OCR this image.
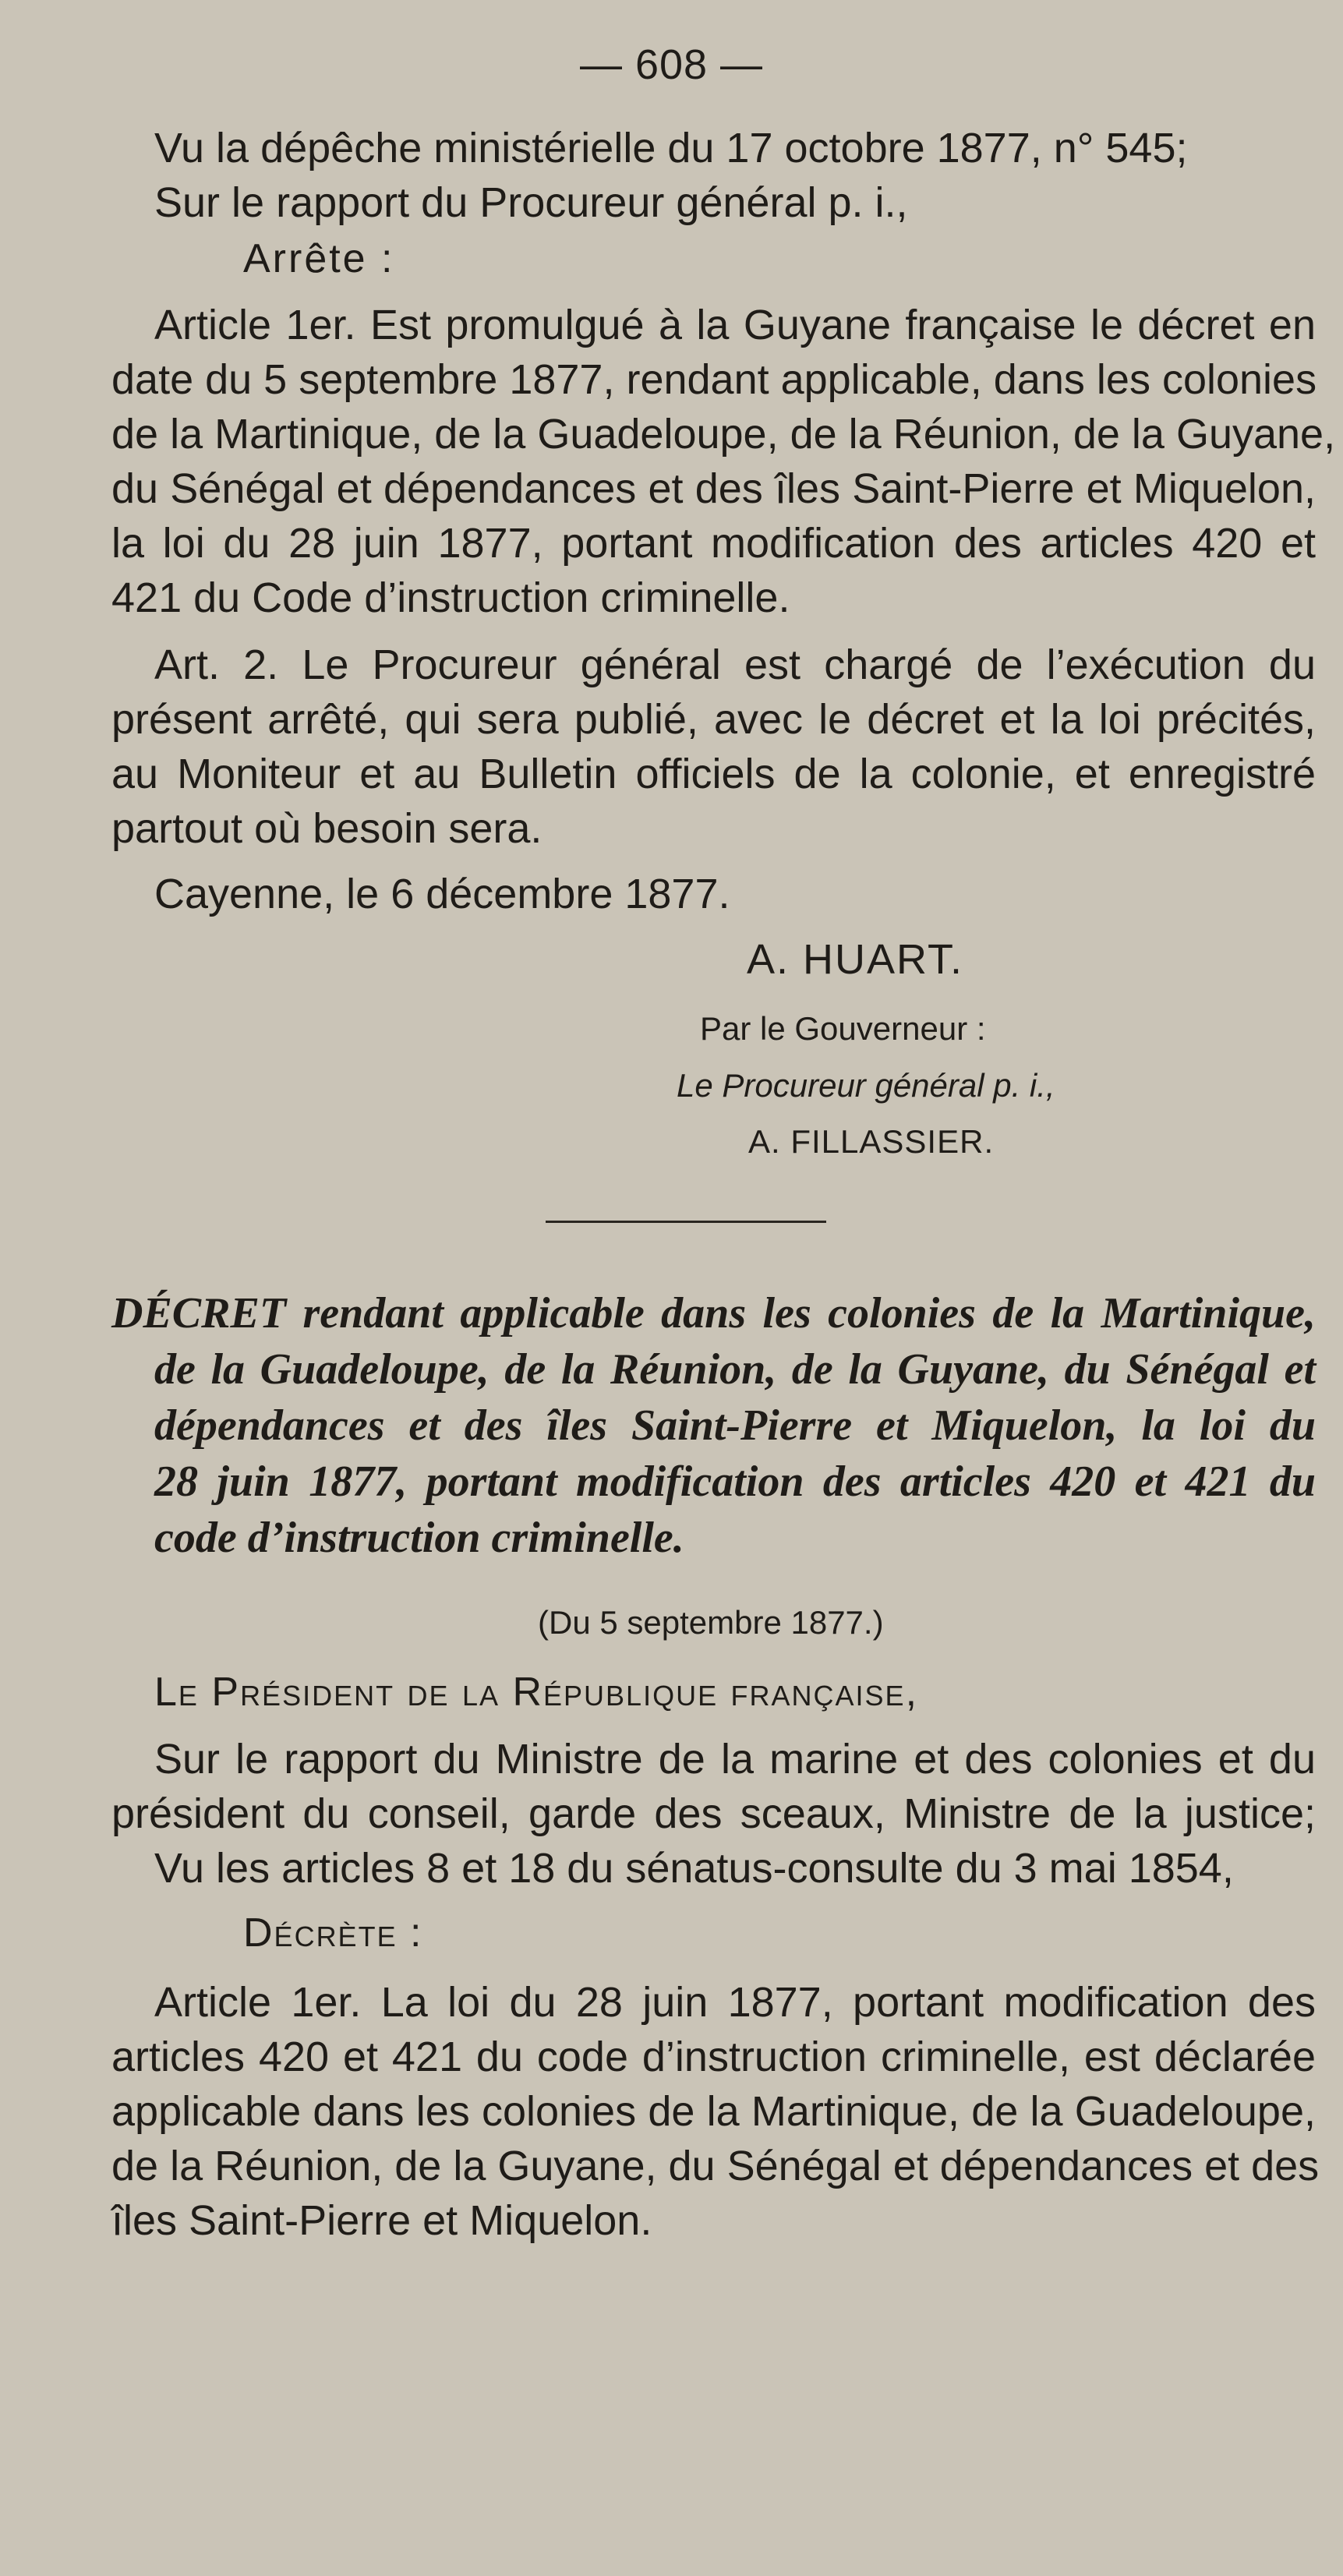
— 608 —
Vu la dépêche ministérielle du 17 octobre 1877, n° 545;
Sur le rapport du Procureur général p. i.,
Arrête :
Article 1er. Est promulgué à la Guyane française le décret en
date du 5 septembre 1877, rendant applicable, dans les colonies
de la Martinique, de la Guadeloupe, de la Réunion, de la Guyane,
du Sénégal et dépendances et des îles Saint-Pierre et Miquelon,
la loi du 28 juin 1877, portant modification des articles 420 et
421 du Code d’instruction criminelle.
Art. 2. Le Procureur général est chargé de l’exécution du
présent arrêté, qui sera publié, avec le décret et la loi précités,
au Moniteur et au Bulletin officiels de la colonie, et enregistré
partout où besoin sera.
Cayenne, le 6 décembre 1877.
A. HUART.
Par le Gouverneur :
Le Procureur général p. i.,
A. FILLASSIER.
DÉCRET rendant applicable dans les colonies de la Martinique,
de la Guadeloupe, de la Réunion, de la Guyane, du Sénégal et
dépendances et des îles Saint-Pierre et Miquelon, la loi du
28 juin 1877, portant modification des articles 420 et 421 du
code d’instruction criminelle.
(Du 5 septembre 1877.)
Le Président de la République française,
Sur le rapport du Ministre de la marine et des colonies et du
président du conseil, garde des sceaux, Ministre de la justice;
Vu les articles 8 et 18 du sénatus-consulte du 3 mai 1854,
Décrète :
Article 1er. La loi du 28 juin 1877, portant modification des
articles 420 et 421 du code d’instruction criminelle, est déclarée
applicable dans les colonies de la Martinique, de la Guadeloupe,
de la Réunion, de la Guyane, du Sénégal et dépendances et des
îles Saint-Pierre et Miquelon.
